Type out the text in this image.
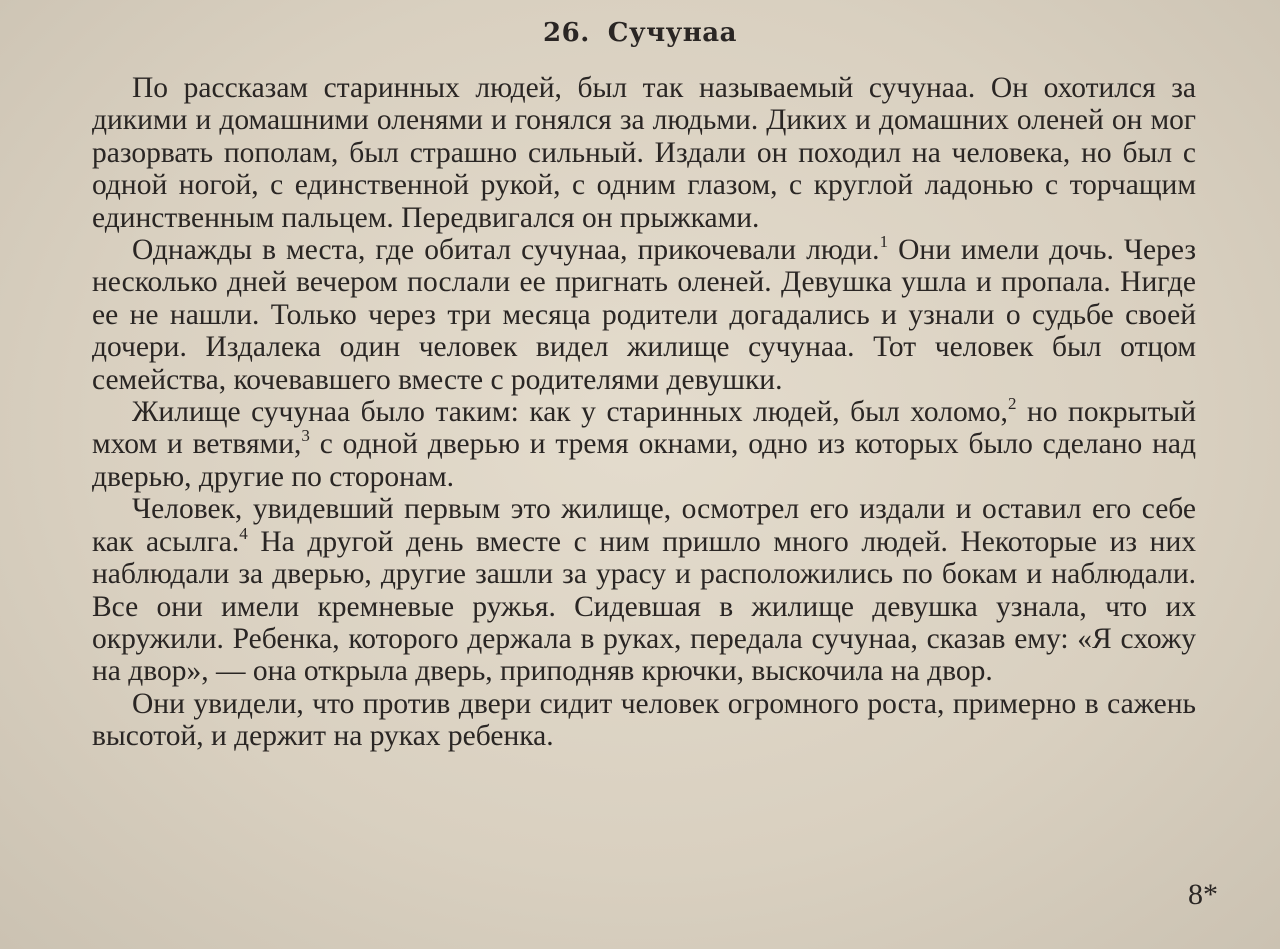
26. Сучунаа

По рассказам старинных людей, был так называемый сучунаа. Он охотился за дикими и домашними оленями и гонялся за людьми. Диких и домашних оленей он мог разорвать пополам, был страшно сильный. Издали он походил на человека, но был с одной ногой, с единственной рукой, с одним глазом, с круглой ладонью с торчащим единственным пальцем. Передвигался он прыжками.

Однажды в места, где обитал сучунаа, прикочевали люди.$^1$ Они имели дочь. Через несколько дней вечером послали ее пригнать оленей. Девушка ушла и пропала. Нигде ее не нашли. Только через три месяца родители догадались и узнали о судьбе своей дочери. Издалека один человек видел жилище сучунаа. Тот человек был отцом семейства, кочевавшего вместе с родителями девушки.

Жилище сучунаа было таким: как у старинных людей, был холомо,$^2$ но покрытый мхом и ветвями,$^3$ с одной дверью и тремя окнами, одно из которых было сделано над дверью, другие по сторонам.

Человек, увидевший первым это жилище, осмотрел его издали и оставил его себе как асылга.$^4$ На другой день вместе с ним пришло много людей. Некоторые из них наблюдали за дверью, другие зашли за урасу и расположились по бокам и наблюдали. Все они имели кремневые ружья. Сидевшая в жилище девушка узнала, что их окружили. Ребенка, которого держала в руках, передала сучунаа, сказав ему: «Я схожу на двор», — она открыла дверь, приподняв крючки, выскочила на двор.

Они увидели, что против двери сидит человек огромного роста, примерно в сажень высотой, и держит на руках ребенка.

8*
